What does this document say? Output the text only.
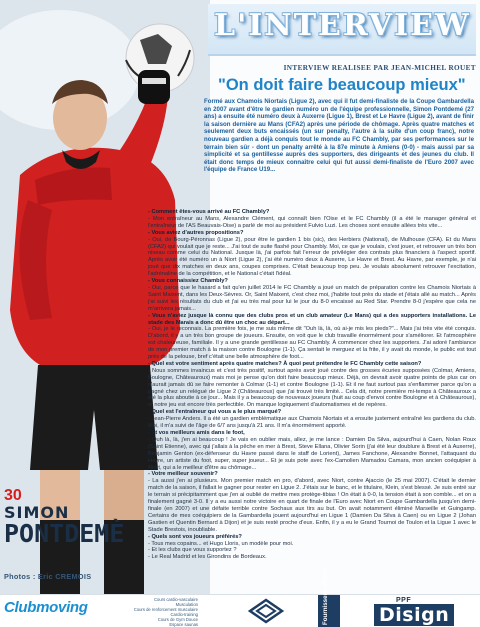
L'INTERVIEW
INTERVIEW REALISEE PAR JEAN-MICHEL ROUET
"On doit faire beaucoup mieux"
Formé aux Chamois Niortais (Ligue 2), avec qui il fut demi-finaliste de la Coupe Gambardella en 2007 avant d'être le gardien numéro un de l'équipe professionnelle, Simon Pontdemé (27 ans) a ensuite été numéro deux à Auxerre (Ligue 1), Brest et Le Havre (Ligue 2), avant de finir la saison dernière au Mans (CFA2) après une période de chômage. Après quatre matches et seulement deux buts encaissés (un sur penalty, l'autre à la suite d'un coup franc), notre nouveau gardien a déjà conquis tout le monde au FC Chambly, par ses performances sur le terrain bien sûr - dont un penalty arrêté à la 87e minute à Amiens (0-0) - mais aussi par sa simplicité et sa gentillesse auprès des supporters, des dirigeants et des jeunes du club. Il était donc temps de mieux connaître celui qui fut aussi demi-finaliste de l'Euro 2007 avec l'équipe de France U19...

- Comment êtes-vous arrivé au FC Chambly?

- Mon entraîneur au Mans, Alexandre Clément, qui connaît bien l'Oise et le FC Chambly (il a été le manager général et l'entraîneur de l'AS Beauvais-Oise) a parlé de moi au président Fulvio Luzi. Les choses sont ensuite allées très vite...

- Vous aviez d'autres propositions?

- Oui, de Bourg-Péronnas (Ligue 2), pour être le gardien 1 bis (sic), des Herbiers (National), de Mulhouse (CFA). Et du Mans (CFA2) qui voulait que je reste... J'ai tout de suite flashé pour Chambly. Moi, ce que je voulais, c'est jouer, et retrouver un très bon niveau comme celui du National. Jusque là, j'ai parfois fait l'erreur de privilégier des contrats plus financiers à l'aspect sportif. Après avoir été numéro un à Niort (Ligue 2), j'ai été numéro deux à Auxerre, Le Havre et Brest. Au Havre, par exemple, je n'ai joué que dix matches en deux ans, coupes comprises. C'était beaucoup trop peu. Je voulais absolument retrouver l'excitation, l'adrénaline de la compétition, et le National c'était l'idéal.

- Vous connaissiez Chambly?

- Oui, parce que le hasard a fait qu'en juillet 2014 le FC Chambly a joué un match de préparation contre les Chamois Niortais à Saint Maixent, dans les Deux-Sèvres. Or, Saint Maixent, c'est chez moi, j'habite tout près du stade et j'étais allé au match... Après j'ai suivi les résultats du club et j'ai eu très mal pour lui le jour du 8-0 encaissé au Red Star. Prendre 8-0 j'espère que cela ne m'arrivera jamais...

- Vous n'aviez jusque là connu que des clubs pros et un club amateur (Le Mans) qui a des supporters installations. Le stade des Marais a donc dû être un choc au départ...

- Oui, je le reconnais. La première fois, je me suis même dit "Ouh là, là, où ai-je mis les pieds?"... Mais j'ai très vite été conquis. D'abord, il y a un très bon groupe de joueurs. Ensuite, on voit que le club travaille énormément pour s'améliorer. Et l'atmosphère est chaleureuse, familiale. Il y a une grande gentillesse au FC Chambly. À commencer chez les supporters. J'ai adoré l'ambiance de mon premier match à la maison contre Boulogne (1-1). Ça sentait le merguez et la frite, il y avait du monde, le public est tout près de la pelouse, bref c'était une belle atmosphère de foot...

- Quel est votre sentiment après quatre matches? À quoi peut prétendre le FC Chambly cette saison?

- Nous sommes invaincus et c'est très positif, surtout après avoir joué contre des grosses écuries supposées (Colmar, Amiens, Boulogne, Châteauroux) mais moi je pense qu'on doit faire beaucoup mieux. Déjà, on devrait avoir quatre points de plus car on n'aurait jamais dû se faire remonter à Colmar (1-1) et contre Boulogne (1-1). Et il ne faut surtout pas s'enflammer parce qu'on a gagné chez un relégué de Ligue 2 (Châteauroux) que j'ai trouvé très limité... Cela dit, notre première mi-temps à Châteauroux a été la plus aboutie à ce jour... Mais il y a beaucoup de nouveaux joueurs (huit au coup d'envoi contre Boulogne et à Châteauroux), et notre jeu est encore très perfectible. On manque logiquement d'automatismes et de repères.

- Quel est l'entraîneur qui vous a le plus marqué?

- Jean-Pierre Anders. Il a été un gardien emblématique aux Chamois Niortais et a ensuite justement entraîné les gardiens du club. Moi, il m'a suivi de l'âge de 6/7 ans jusqu'à 21 ans. Il m'a énormément apporté.

- Et vos meilleurs amis dans le foot,

- Ouh là, là, j'en ai beaucoup ! Je vais en oublier mais, allez, je me lance : Damien Da Silva, aujourd'hui à Caen, Nolan Roux (Saint Etienne), avec qui j'allais à la pêche en mer à Brest, Steve Ellana, Olivier Sorin (j'ai été leur doublure à Brest et à Auxerre), Benjamin Genton (ex-défenseur du Havre passé dans le staff de Lorient), James Fanchone, Alexandre Bonnet, l'attaquant du Havre, un artiste du foot, super, super joueur... Et je suis pote avec l'ex-Camolien Mamadou Camara, mon ancien coéquipier à Niort, qui a le meilleur d'être au chômage...

- Votre meilleur souvenir?

- La aussi j'en ai plusieurs. Mon premier match en pro, d'abord, avec Niort, contre Ajaccio (le 25 mai 2007). C'était le dernier match de la saison, il fallait le gagner pour rester en Ligue 2. J'étais sur le banc, et le titulaire, Klein, s'est blessé. Je suis entré sur le terrain si précipitamment que j'en ai oublié de mettre mes protège-tibias ! On était à 0-0, la tension était à son comble... et on a finalement gagné 3-0. Il y a eu aussi notre victoire en quart de finale de l'Euro avec Niort en Coupe Gambardella jusqu'en demi-finale (en 2007) et une défaite terrible contre Sochaux aux tirs au but. On avait notamment éliminé Marseille et Guingamp. Certains de mes coéquipiers de la Gambardella jouent aujourd'hui en Ligue 1 (Damien Da Silva à Caen) ou en Ligue 2 (Johan Gastien et Quentin Bernard à Dijon) et je suis resté proche d'eux. Enfin, il y a eu le Grand Tournoi de Toulon et la Ligue 1 avec le Stade Brestois, inoubliable.

- Quels sont vos joueurs préférés?

- Tous mes copains... et Hugo Lloris, un modèle pour moi.

- Et les clubs que vous supportez ?

- Le Real Madrid et les Girondins de Bordeaux.

30
SIMON
PONTDEMÈ
Photos : Eric CREMOIS
Clubmoving	Cours cardio-vasculaire
Musculation
Cours de renforcement musculaire
Cardio-training
Cours de Gym Douce
Espace saunas	Fournisseur officiel	PPF
Disign
